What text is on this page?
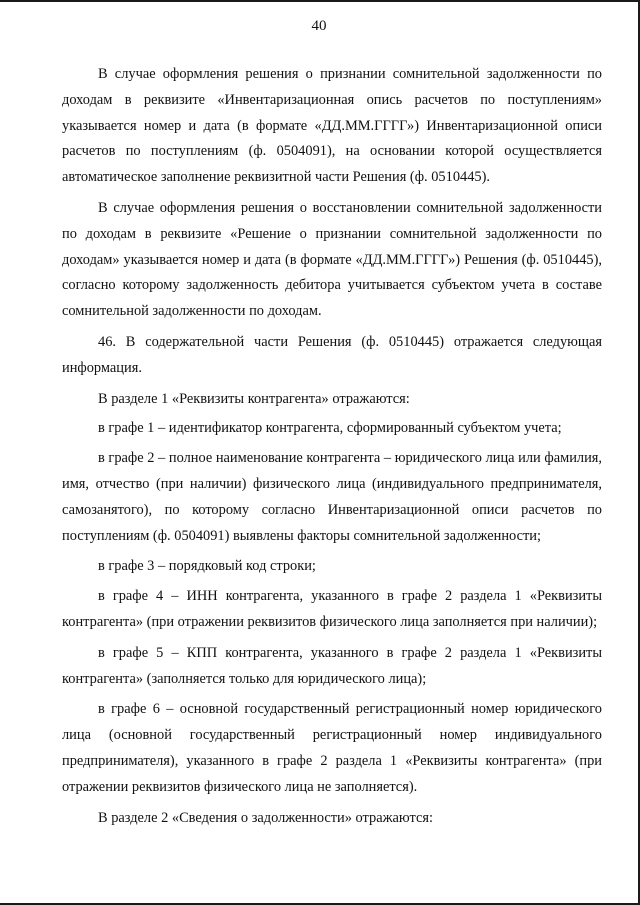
40

В случае оформления решения о признании сомнительной задолженности по доходам в реквизите «Инвентаризационная опись расчетов по поступлениям» указывается номер и дата (в формате «ДД.ММ.ГГГГ») Инвентаризационной описи расчетов по поступлениям (ф. 0504091), на основании которой осуществляется автоматическое заполнение реквизитной части Решения (ф. 0510445).

В случае оформления решения о восстановлении сомнительной задолженности по доходам в реквизите «Решение о признании сомнительной задолженности по доходам» указывается номер и дата (в формате «ДД.ММ.ГГГГ») Решения (ф. 0510445), согласно которому задолженность дебитора учитывается субъектом учета в составе сомнительной задолженности по доходам.

46. В содержательной части Решения (ф. 0510445) отражается следующая информация.

В разделе 1 «Реквизиты контрагента» отражаются:

в графе 1 – идентификатор контрагента, сформированный субъектом учета;

в графе 2 – полное наименование контрагента – юридического лица или фамилия, имя, отчество (при наличии) физического лица (индивидуального предпринимателя, самозанятого), по которому согласно Инвентаризационной описи расчетов по поступлениям (ф. 0504091) выявлены факторы сомнительной задолженности;

в графе 3 – порядковый код строки;

в графе 4 – ИНН контрагента, указанного в графе 2 раздела 1 «Реквизиты контрагента» (при отражении реквизитов физического лица заполняется при наличии);

в графе 5 – КПП контрагента, указанного в графе 2 раздела 1 «Реквизиты контрагента» (заполняется только для юридического лица);

в графе 6 – основной государственный регистрационный номер юридического лица (основной государственный регистрационный номер индивидуального предпринимателя), указанного в графе 2 раздела 1 «Реквизиты контрагента» (при отражении реквизитов физического лица не заполняется).

В разделе 2 «Сведения о задолженности» отражаются:
